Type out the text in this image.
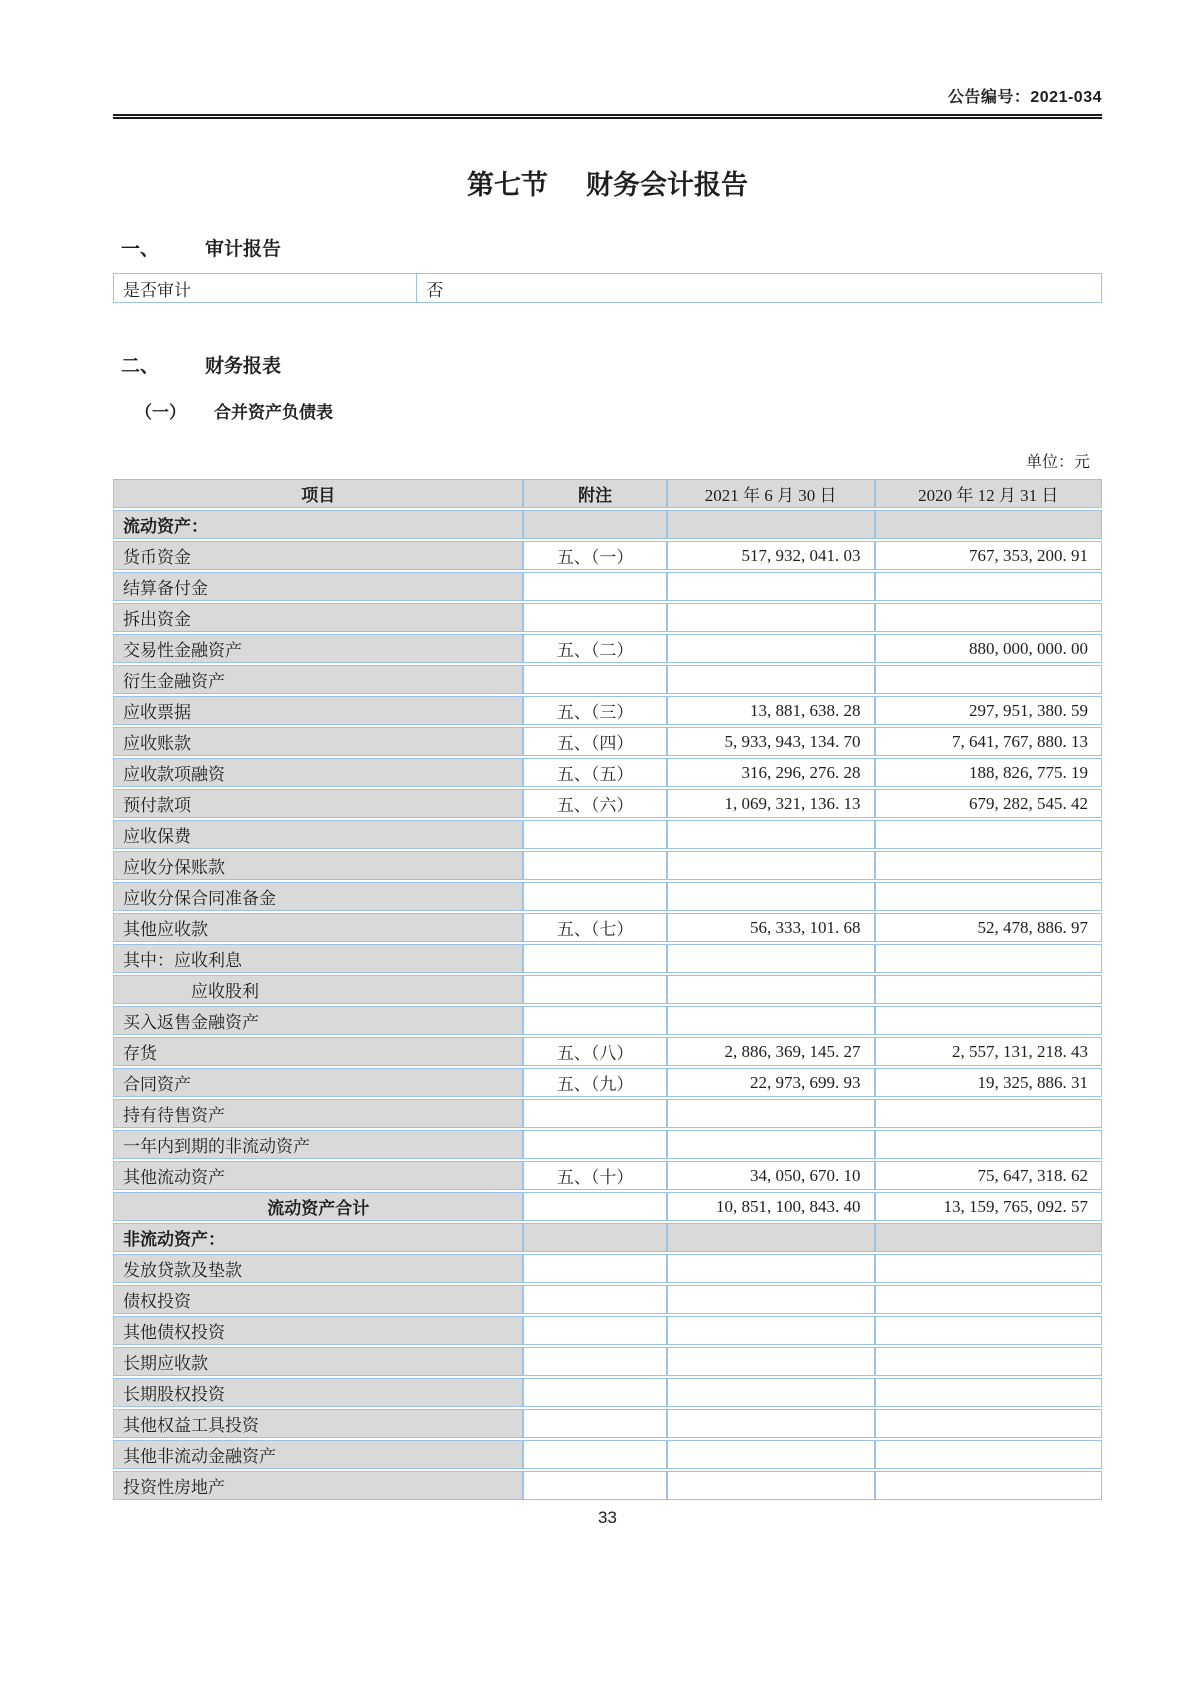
公告编号：2021-034
第七节 财务会计报告
一、 审计报告
是否审计	否
二、 财务报表
（一） 合并资产负债表
单位：元
项目	附注	2021 年 6 月 30 日	2020 年 12 月 31 日
流动资产：			
货币资金	五、（一）	517, 932, 041. 03	767, 353, 200. 91
结算备付金			
拆出资金			
交易性金融资产	五、（二）		880, 000, 000. 00
衍生金融资产			
应收票据	五、（三）	13, 881, 638. 28	297, 951, 380. 59
应收账款	五、（四）	5, 933, 943, 134. 70	7, 641, 767, 880. 13
应收款项融资	五、（五）	316, 296, 276. 28	188, 826, 775. 19
预付款项	五、（六）	1, 069, 321, 136. 13	679, 282, 545. 42
应收保费			
应收分保账款			
应收分保合同准备金			
其他应收款	五、（七）	56, 333, 101. 68	52, 478, 886. 97
其中：应收利息			
应收股利			
买入返售金融资产			
存货	五、（八）	2, 886, 369, 145. 27	2, 557, 131, 218. 43
合同资产	五、（九）	22, 973, 699. 93	19, 325, 886. 31
持有待售资产			
一年内到期的非流动资产			
其他流动资产	五、（十）	34, 050, 670. 10	75, 647, 318. 62
流动资产合计		10, 851, 100, 843. 40	13, 159, 765, 092. 57
非流动资产：			
发放贷款及垫款			
债权投资			
其他债权投资			
长期应收款			
长期股权投资			
其他权益工具投资			
其他非流动金融资产			
投资性房地产			
33
